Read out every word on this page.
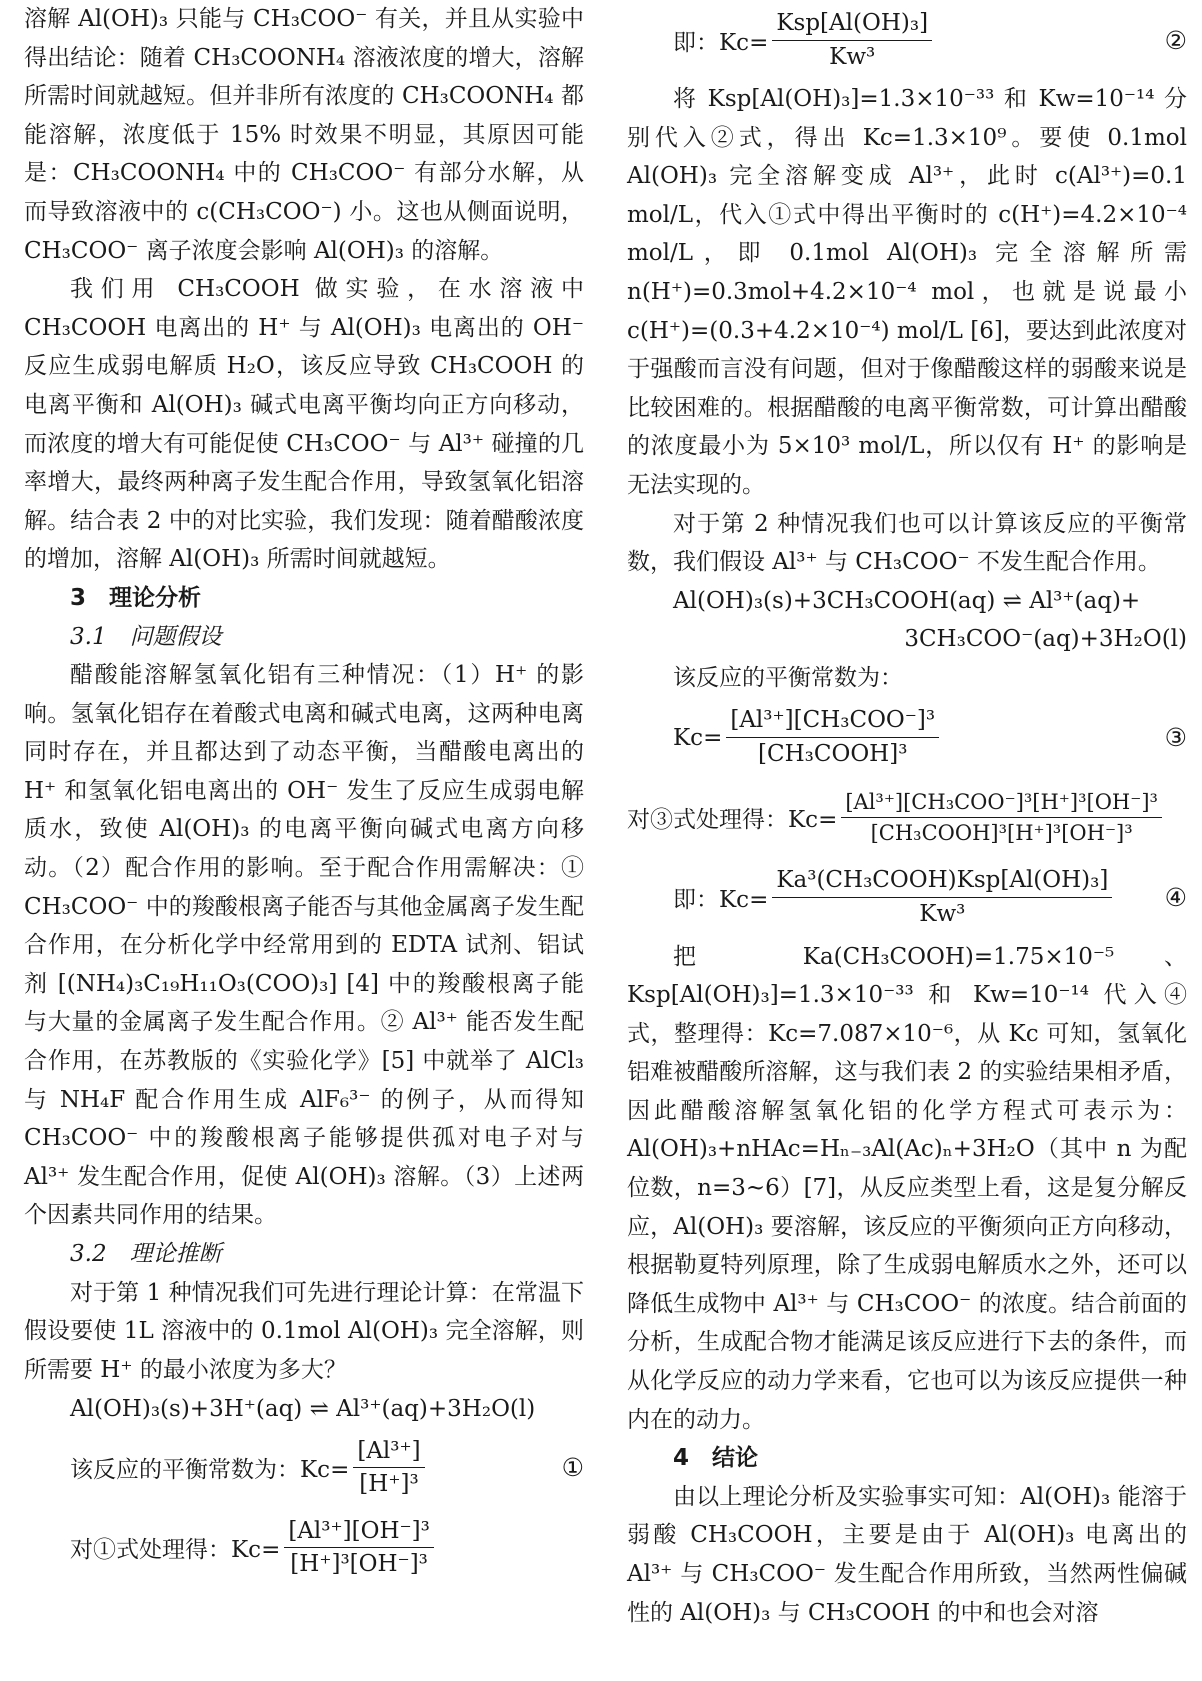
溶解 Al(OH)₃ 只能与 CH₃COO⁻ 有关，并且从实验中得出结论：随着 CH₃COONH₄ 溶液浓度的增大，溶解所需时间就越短。但并非所有浓度的 CH₃COONH₄ 都能溶解，浓度低于 15% 时效果不明显，其原因可能是：CH₃COONH₄ 中的 CH₃COO⁻ 有部分水解，从而导致溶液中的 c(CH₃COO⁻) 小。这也从侧面说明，CH₃COO⁻ 离子浓度会影响 Al(OH)₃ 的溶解。

我们用 CH₃COOH 做实验，在水溶液中 CH₃COOH 电离出的 H⁺ 与 Al(OH)₃ 电离出的 OH⁻ 反应生成弱电解质 H₂O，该反应导致 CH₃COOH 的电离平衡和 Al(OH)₃ 碱式电离平衡均向正方向移动，而浓度的增大有可能促使 CH₃COO⁻ 与 Al³⁺ 碰撞的几率增大，最终两种离子发生配合作用，导致氢氧化铝溶解。结合表 2 中的对比实验，我们发现：随着醋酸浓度的增加，溶解 Al(OH)₃ 所需时间就越短。

3　理论分析

3.1　问题假设

醋酸能溶解氢氧化铝有三种情况：（1）H⁺ 的影响。氢氧化铝存在着酸式电离和碱式电离，这两种电离同时存在，并且都达到了动态平衡，当醋酸电离出的 H⁺ 和氢氧化铝电离出的 OH⁻ 发生了反应生成弱电解质水，致使 Al(OH)₃ 的电离平衡向碱式电离方向移动。（2）配合作用的影响。至于配合作用需解决：① CH₃COO⁻ 中的羧酸根离子能否与其他金属离子发生配合作用，在分析化学中经常用到的 EDTA 试剂、铝试剂 [(NH₄)₃C₁₉H₁₁O₃(COO)₃] [4] 中的羧酸根离子能与大量的金属离子发生配合作用。② Al³⁺ 能否发生配合作用，在苏教版的《实验化学》[5] 中就举了 AlCl₃ 与 NH₄F 配合作用生成 AlF₆³⁻ 的例子，从而得知 CH₃COO⁻ 中的羧酸根离子能够提供孤对电子对与 Al³⁺ 发生配合作用，促使 Al(OH)₃ 溶解。（3）上述两个因素共同作用的结果。

3.2　理论推断

对于第 1 种情况我们可先进行理论计算：在常温下假设要使 1L 溶液中的 0.1mol Al(OH)₃ 完全溶解，则所需要 H⁺ 的最小浓度为多大？

Al(OH)₃(s)+3H⁺(aq) ⇌ Al³⁺(aq)+3H₂O(l)
该反应的平衡常数为：$Kc= \frac{\text{[Al³⁺]}}{\text{[H⁺]³}}$	①
对①式处理得：$Kc= \frac{\text{[Al³⁺][OH⁻]³}}{\text{[H⁺]³[OH⁻]³}}$
即：$Kc= \frac{\text{Ksp[Al(OH)₃]}}{\text{Kw³}}$	②

将 Ksp[Al(OH)₃]=1.3×10⁻³³ 和 Kw=10⁻¹⁴ 分别代入②式，得出 Kc=1.3×10⁹。要使 0.1mol Al(OH)₃ 完全溶解变成 Al³⁺，此时 c(Al³⁺)=0.1 mol/L，代入①式中得出平衡时的 c(H⁺)=4.2×10⁻⁴ mol/L，即 0.1mol Al(OH)₃ 完全溶解所需 n(H⁺)=0.3mol+4.2×10⁻⁴ mol，也就是说最小 c(H⁺)=(0.3+4.2×10⁻⁴) mol/L [6]，要达到此浓度对于强酸而言没有问题，但对于像醋酸这样的弱酸来说是比较困难的。根据醋酸的电离平衡常数，可计算出醋酸的浓度最小为 5×10³ mol/L，所以仅有 H⁺ 的影响是无法实现的。

对于第 2 种情况我们也可以计算该反应的平衡常数，我们假设 Al³⁺ 与 CH₃COO⁻ 不发生配合作用。

Al(OH)₃(s)+3CH₃COOH(aq) ⇌ Al³⁺(aq)+
3CH₃COO⁻(aq)+3H₂O(l)

该反应的平衡常数为：

$Kc= \frac{\text{[Al³⁺][CH₃COO⁻]³}}{\text{[CH₃COOH]³}}$	③
对③式处理得：$Kc= \frac{\text{[Al³⁺][CH₃COO⁻]³[H⁺]³[OH⁻]³}}{\text{[CH₃COOH]³[H⁺]³[OH⁻]³}}$
即：$Kc= \frac{\text{Ka³(CH₃COOH)Ksp[Al(OH)₃]}}{\text{Kw³}}$ ④

把 Ka(CH₃COOH)=1.75×10⁻⁵、Ksp[Al(OH)₃]=1.3×10⁻³³ 和 Kw=10⁻¹⁴ 代入④式，整理得：Kc=7.087×10⁻⁶，从 Kc 可知，氢氧化铝难被醋酸所溶解，这与我们表 2 的实验结果相矛盾，因此醋酸溶解氢氧化铝的化学方程式可表示为：Al(OH)₃+nHAc=Hₙ₋₃Al(Ac)ₙ+3H₂O（其中 n 为配位数，n=3~6）[7]，从反应类型上看，这是复分解反应，Al(OH)₃ 要溶解，该反应的平衡须向正方向移动，根据勒夏特列原理，除了生成弱电解质水之外，还可以降低生成物中 Al³⁺ 与 CH₃COO⁻ 的浓度。结合前面的分析，生成配合物才能满足该反应进行下去的条件，而从化学反应的动力学来看，它也可以为该反应提供一种内在的动力。

4　结论

由以上理论分析及实验事实可知：Al(OH)₃ 能溶于弱酸 CH₃COOH，主要是由于 Al(OH)₃ 电离出的 Al³⁺ 与 CH₃COO⁻ 发生配合作用所致，当然两性偏碱性的 Al(OH)₃ 与 CH₃COOH 的中和也会对溶
